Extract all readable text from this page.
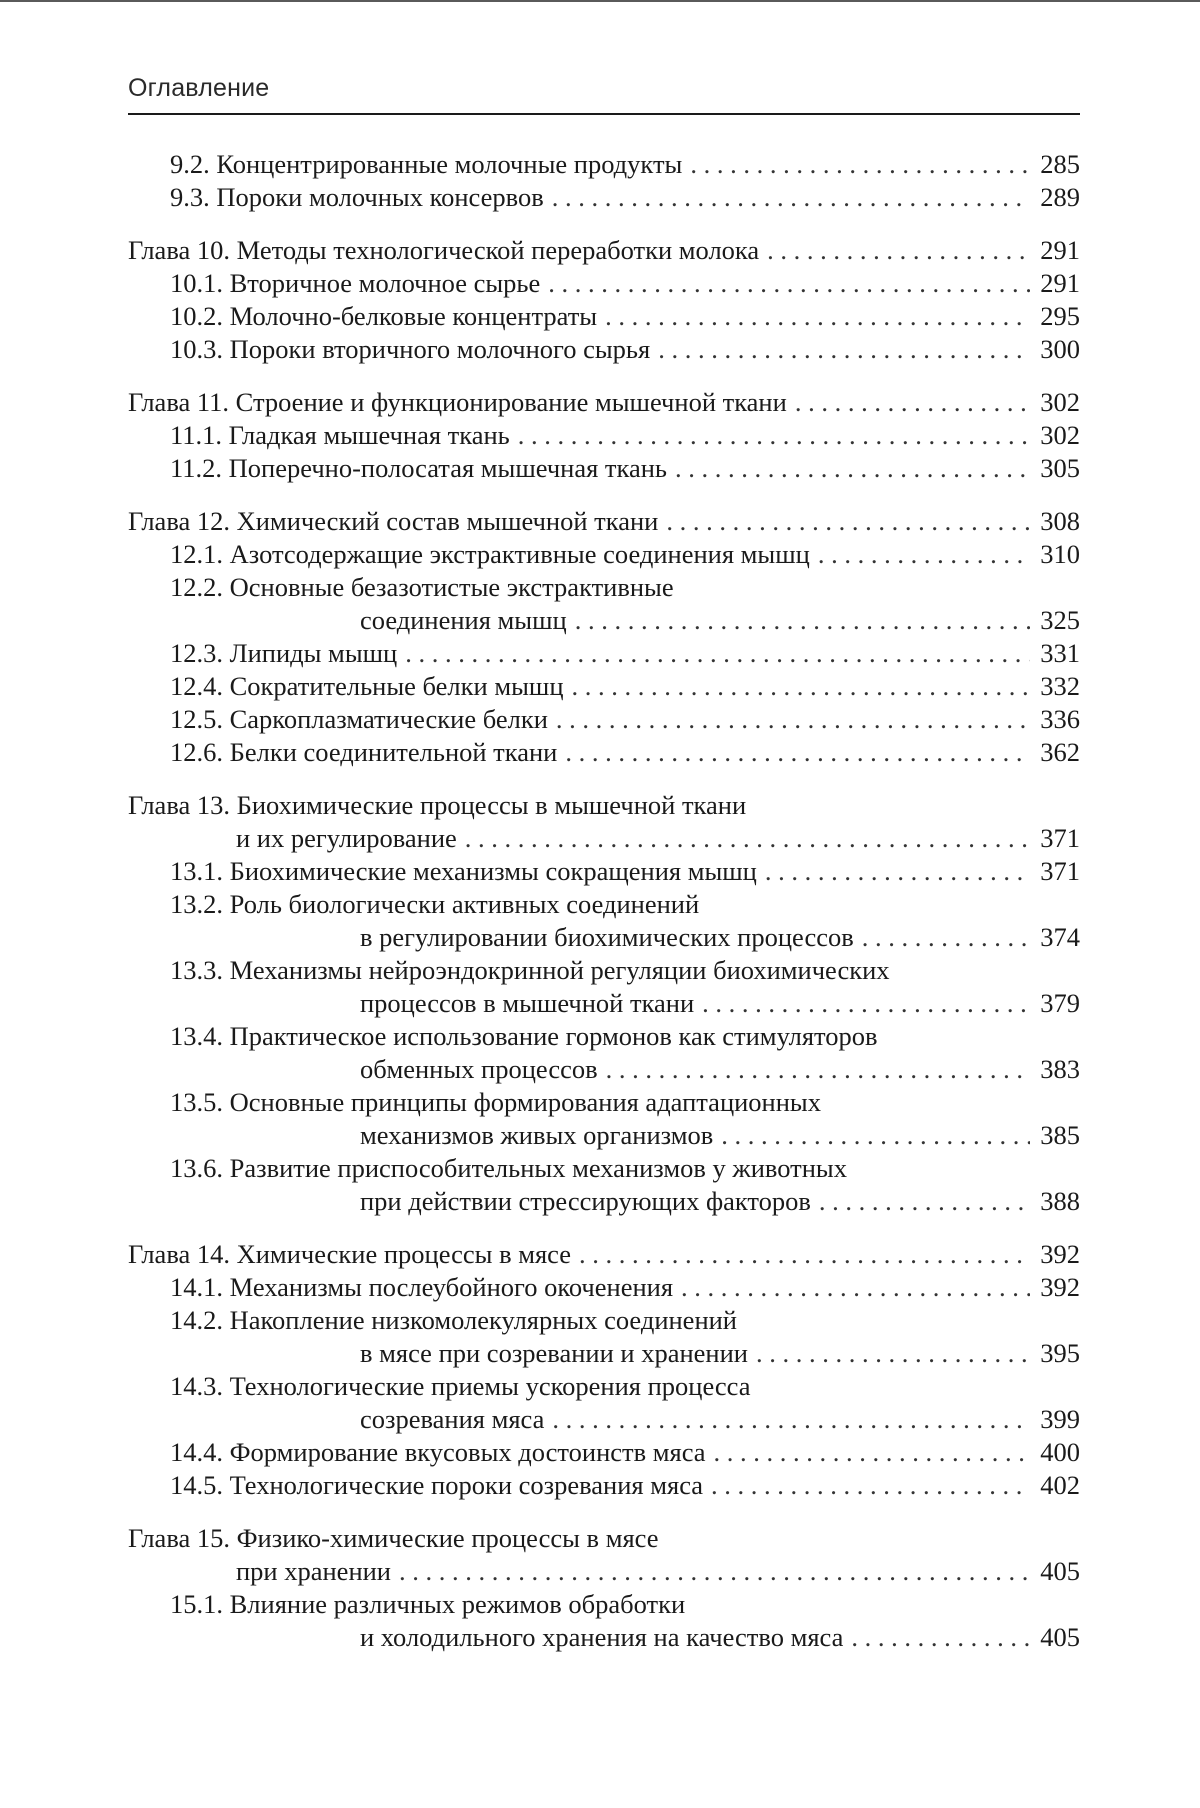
Оглавление
9.2. Концентрированные молочные продукты . . .	285
9.3. Пороки молочных консервов . . .	289
Глава 10. Методы технологической переработки молока . . .	291
10.1. Вторичное молочное сырье . . .	291
10.2. Молочно-белковые концентраты . . .	295
10.3. Пороки вторичного молочного сырья . . .	300
Глава 11. Строение и функционирование мышечной ткани . . .	302
11.1. Гладкая мышечная ткань . . .	302
11.2. Поперечно-полосатая мышечная ткань . . .	305
Глава 12. Химический состав мышечной ткани . . .	308
12.1. Азотсодержащие экстрактивные соединения мышц . . .	310
12.2. Основные безазотистые экстрактивные
соединения мышц . . .	325
12.3. Липиды мышц . . .	331
12.4. Сократительные белки мышц . . .	332
12.5. Саркоплазматические белки . . .	336
12.6. Белки соединительной ткани . . .	362
Глава 13. Биохимические процессы в мышечной ткани
и их регулирование . . .	371
13.1. Биохимические механизмы сокращения мышц . . .	371
13.2. Роль биологически активных соединений
в регулировании биохимических процессов . . .	374
13.3. Механизмы нейроэндокринной регуляции биохимических
процессов в мышечной ткани . . .	379
13.4. Практическое использование гормонов как стимуляторов
обменных процессов . . .	383
13.5. Основные принципы формирования адаптационных
механизмов живых организмов . . .	385
13.6. Развитие приспособительных механизмов у животных
при действии стрессирующих факторов . . .	388
Глава 14. Химические процессы в мясе . . .	392
14.1. Механизмы послеубойного окоченения . . .	392
14.2. Накопление низкомолекулярных соединений
в мясе при созревании и хранении . . .	395
14.3. Технологические приемы ускорения процесса
созревания мяса . . .	399
14.4. Формирование вкусовых достоинств мяса . . .	400
14.5. Технологические пороки созревания мяса . . .	402
Глава 15. Физико-химические процессы в мясе
при хранении . . .	405
15.1. Влияние различных режимов обработки
и холодильного хранения на качество мяса . . .	405
